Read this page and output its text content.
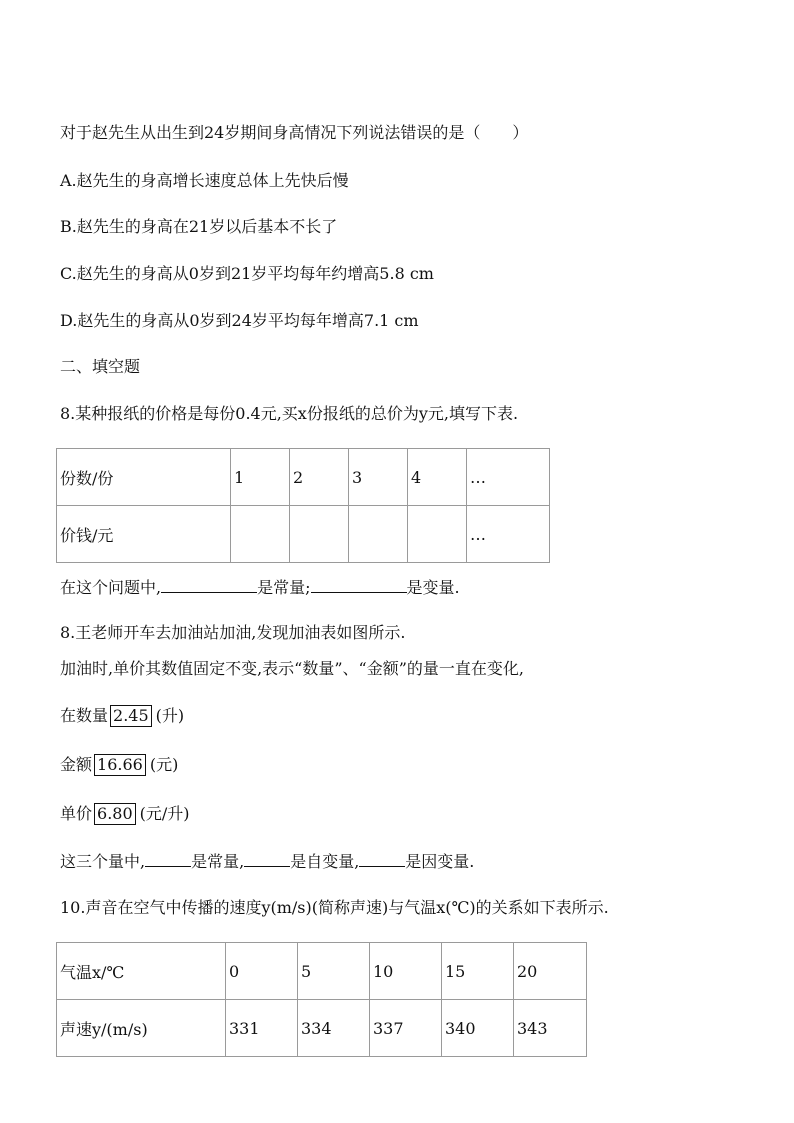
对于赵先生从出生到24岁期间身高情况下列说法错误的是（　　）
A.赵先生的身高增长速度总体上先快后慢
B.赵先生的身高在21岁以后基本不长了
C.赵先生的身高从0岁到21岁平均每年约增高5.8 cm
D.赵先生的身高从0岁到24岁平均每年增高7.1 cm
二、填空题
8.某种报纸的价格是每份0.4元,买x份报纸的总价为y元,填写下表.
份数/份	1	2	3	4	…
价钱/元					…
在这个问题中,	是常量;	是变量.
8.王老师开车去加油站加油,发现加油表如图所示.
加油时,单价其数值固定不变,表示“数量”、“金额”的量一直在变化,
在数量 2.45 (升)
金额 16.66 (元)
单价 6.80 (元/升)
这三个量中,	是常量,	是自变量,	是因变量.
10.声音在空气中传播的速度y(m/s)(简称声速)与气温x(℃)的关系如下表所示.
气温x/℃	0	5	10	15	20
声速y/(m/s)	331	334	337	340	343
